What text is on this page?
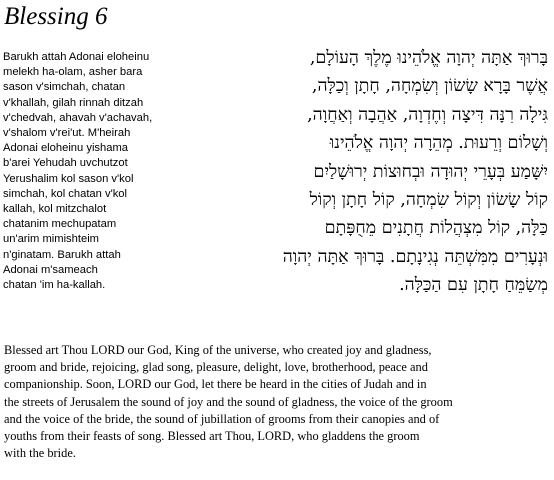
Blessing 6
Barukh attah Adonai eloheinu
melekh ha-olam, asher bara
sason v'simchah, chatan
v'khallah, gilah rinnah ditzah
v'chedvah, ahavah v'achavah,
v'shalom v'rei'ut. M'heirah
Adonai eloheinu yishama
b'arei Yehudah uvchutzot
Yerushalim kol sason v'kol
simchah, kol chatan v'kol
kallah, kol mitzchalot
chatanim mechupatam
un'arim mimishteim
n'ginatam. Barukh attah
Adonai m'sameach
chatan 'im ha-kallah.
בָּרוּךְ אַתָּה יְהוָה אֱלֹהֵינוּ מֶלֶךְ הָעוֹלָם,
אֲשֶׁר בָּרָא שָׂשׂוֹן וְשִׂמְחָה, חָתָן וְכַלָּה,
גִּילָה רִנָּה דִּיצָה וְחֶדְוָה, אַהֲבָה וְאַחֲוָה,
וְשָׁלוֹם וְרֵעוּת. מְהֵרָה יְהוָה אֱלֹהֵינוּ
יִשָּׁמַע בְּעָרֵי יְהוּדָה וּבְחוּצוֹת יְרוּשָׁלַיִם
קוֹל שָׂשׂוֹן וְקוֹל שִׂמְחָה, קוֹל חָתָן וְקוֹל
כַּלָּה, קוֹל מִצְהֲלוֹת חֲתָנִים מֵחֻפָּתָם
וּנְעָרִים מִמִּשְׁתֵּה נְגִינָתָם. בָּרוּךְ אַתָּה יְהוָה
מְשַׂמֵּחַ חָתָן עִם הַכַּלָּה.
Blessed art Thou LORD our God, King of the universe, who created joy and gladness,
groom and bride, rejoicing, glad song, pleasure, delight, love, brotherhood, peace and
companionship. Soon, LORD our God, let there be heard in the cities of Judah and in
the streets of Jerusalem the sound of joy and the sound of gladness, the voice of the groom
and the voice of the bride, the sound of jubillation of grooms from their canopies and of
youths from their feasts of song. Blessed art Thou, LORD, who gladdens the groom
with the bride.
